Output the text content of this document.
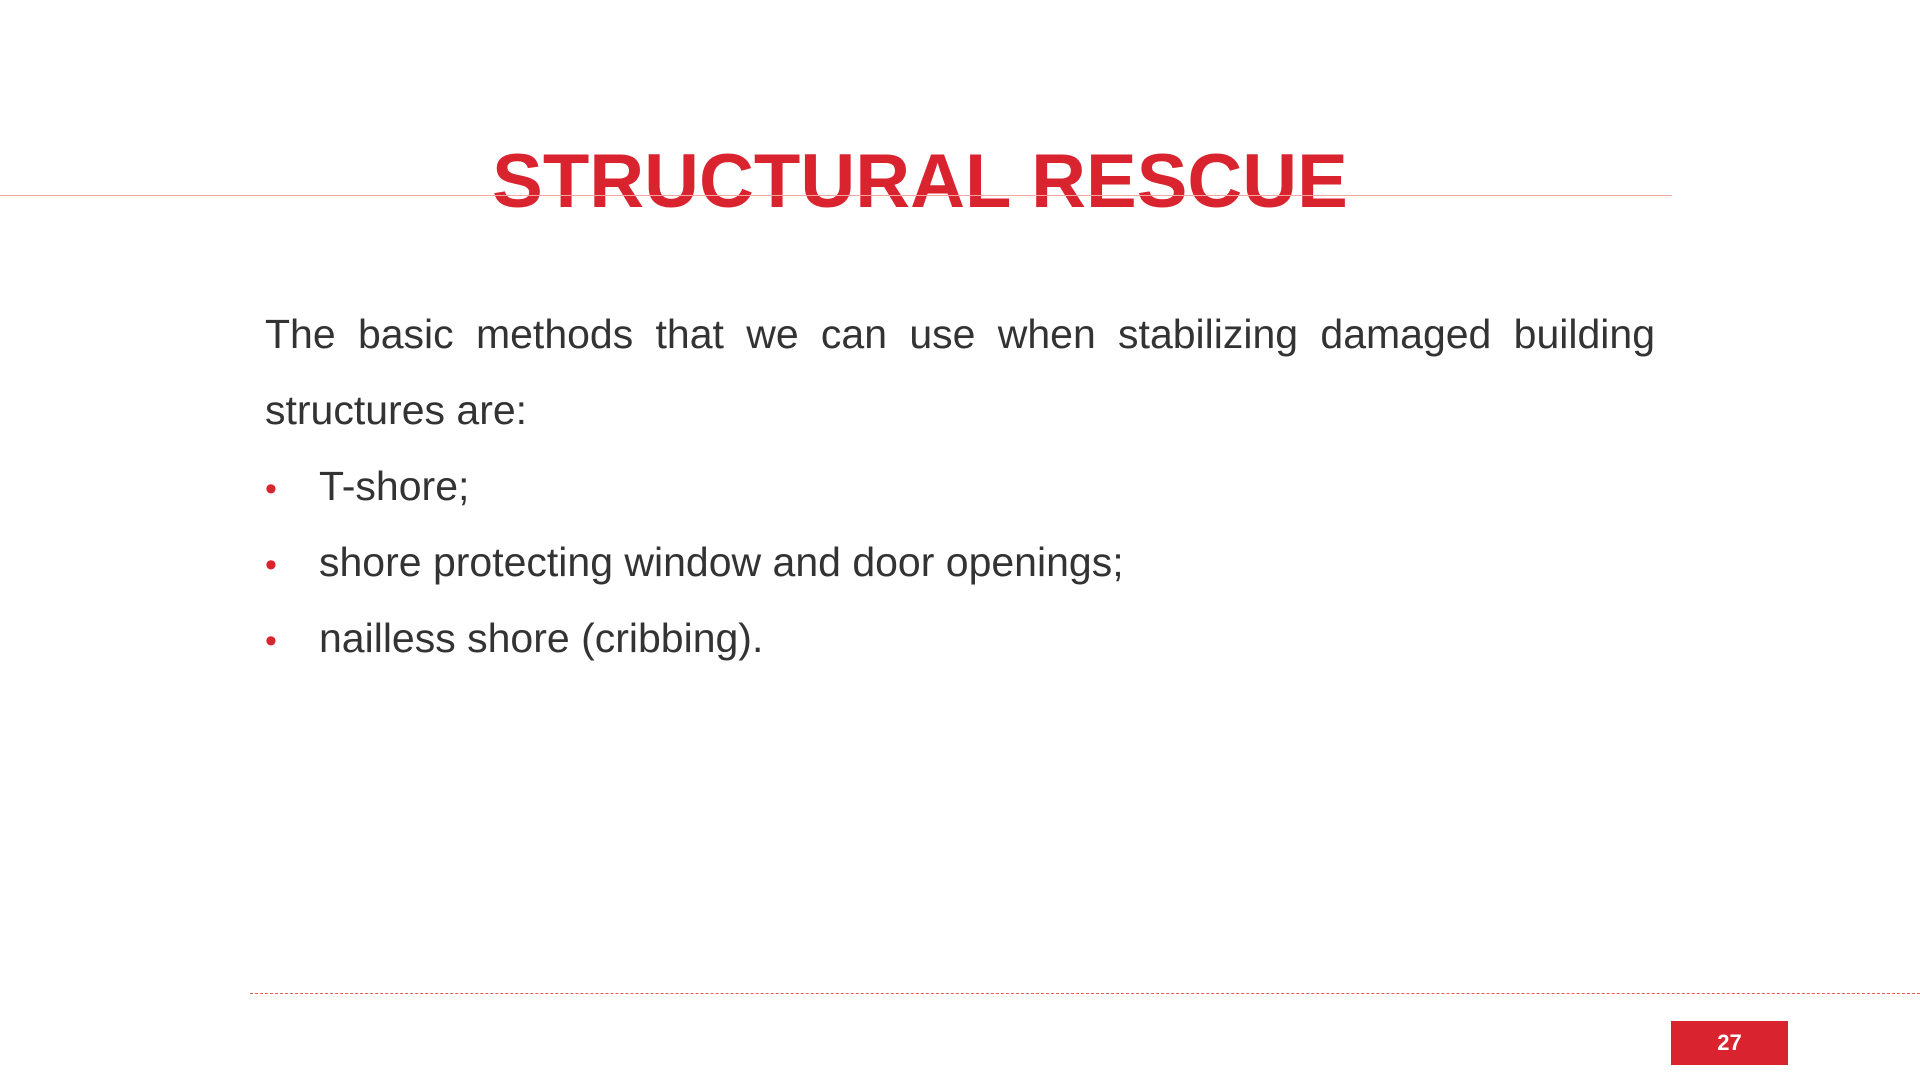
STRUCTURAL RESCUE

The basic methods that we can use when stabilizing damaged building structures are:

•	T-shore;
•	shore protecting window and door openings;
•	nailless shore (cribbing).
27
